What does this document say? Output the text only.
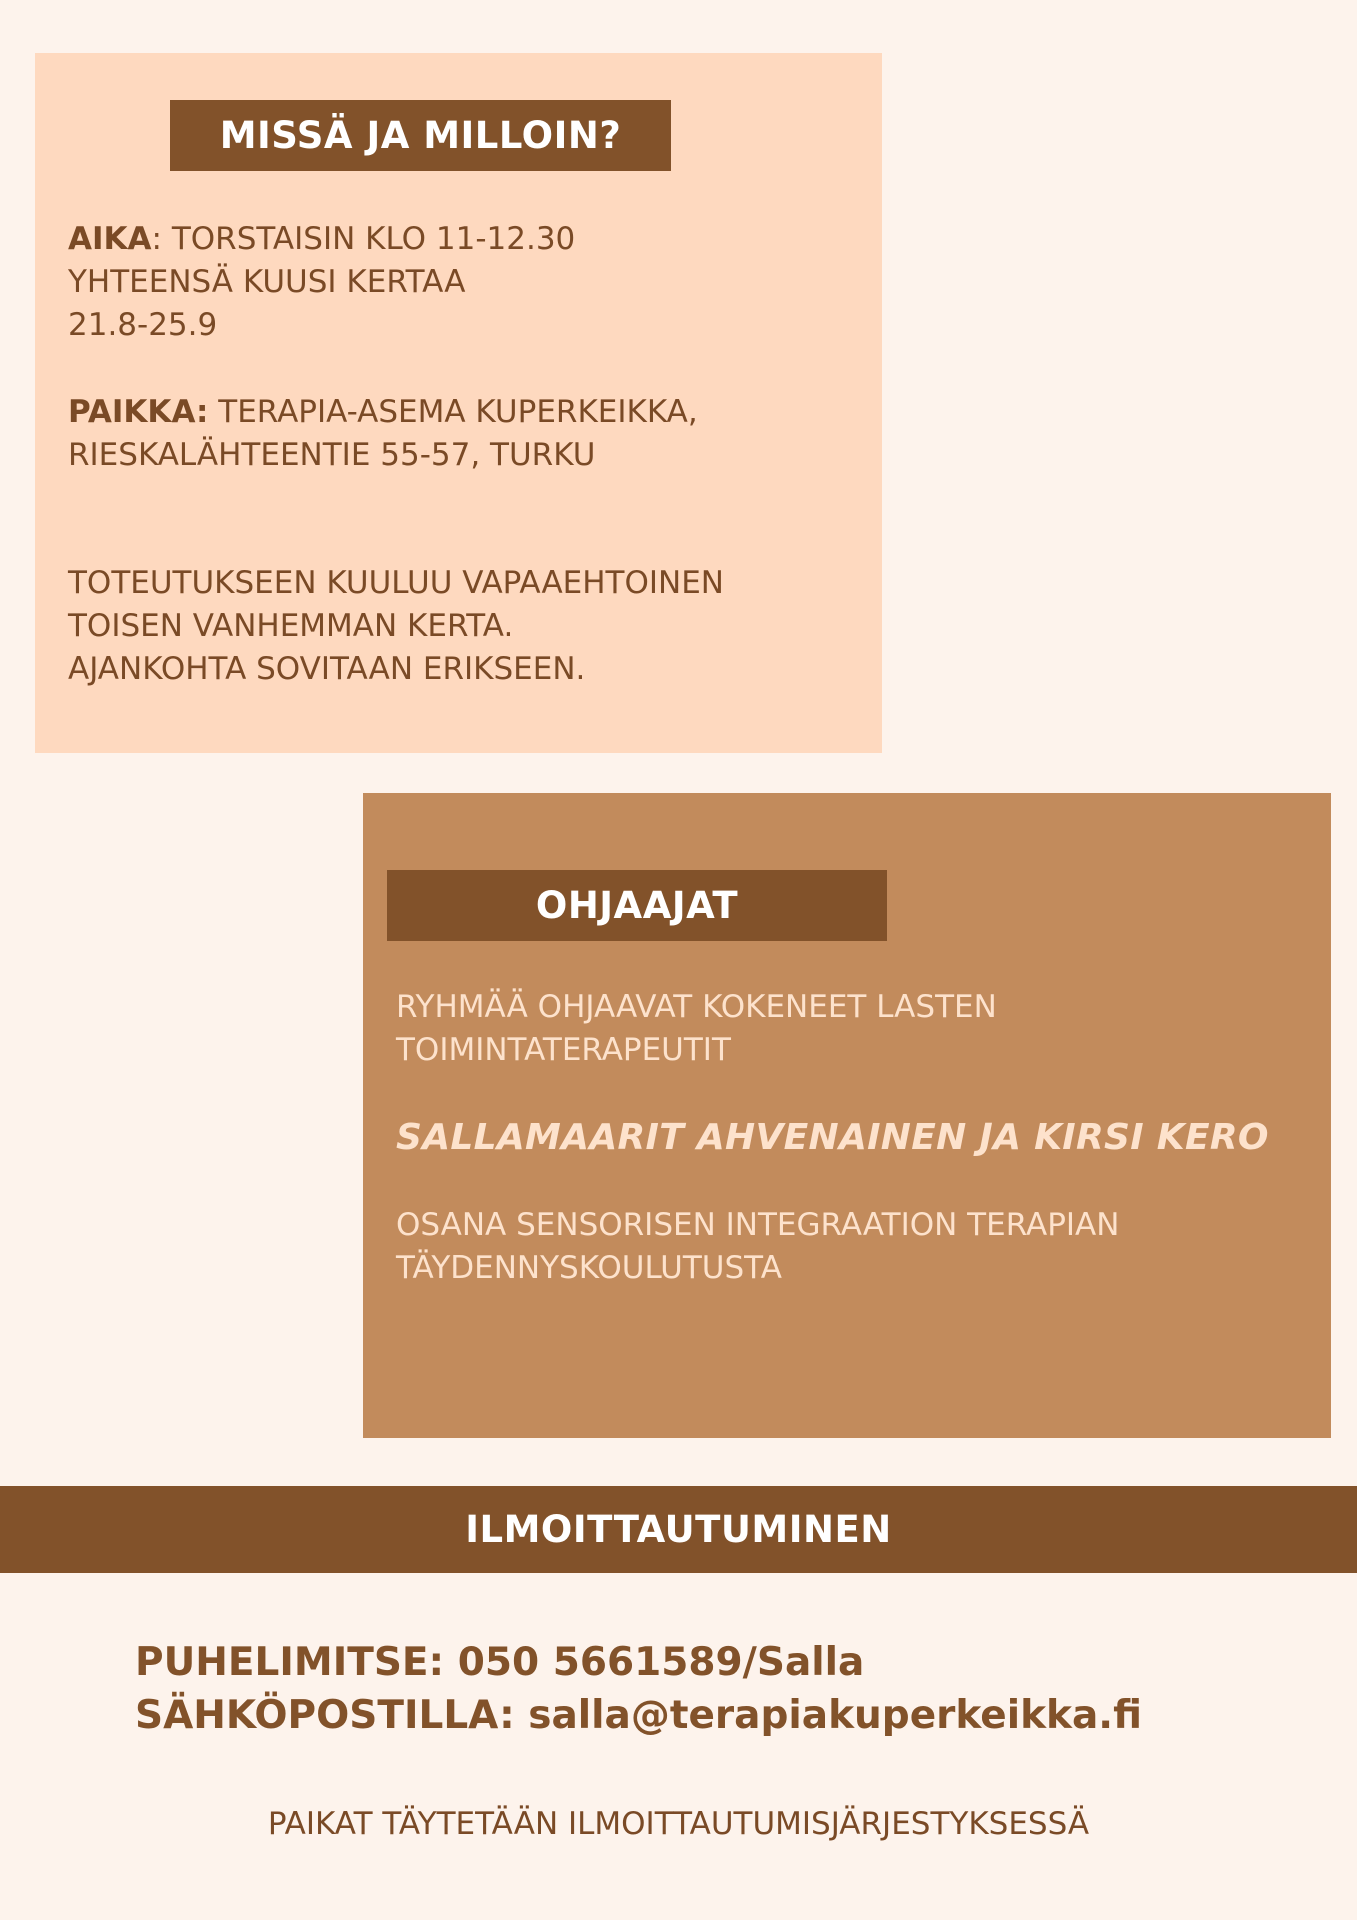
MISSÄ JA MILLOIN?
AIKA: TORSTAISIN KLO 11-12.30
YHTEENSÄ KUUSI KERTAA
21.8-25.9
PAIKKA: TERAPIA-ASEMA KUPERKEIKKA,
RIESKALÄHTEENTIE 55-57, TURKU
TOTEUTUKSEEN KUULUU VAPAAEHTOINEN
TOISEN VANHEMMAN KERTA.
AJANKOHTA SOVITAAN ERIKSEEN.
OHJAAJAT
RYHMÄÄ OHJAAVAT KOKENEET LASTEN
TOIMINTATERAPEUTIT
SALLAMAARIT AHVENAINEN JA KIRSI KERO
OSANA SENSORISEN INTEGRAATION TERAPIAN
TÄYDENNYSKOULUTUSTA
ILMOITTAUTUMINEN
PUHELIMITSE: 050 5661589/Salla
SÄHKÖPOSTILLA: salla@terapiakuperkeikka.fi
PAIKAT TÄYTETÄÄN ILMOITTAUTUMISJÄRJESTYKSESSÄ
